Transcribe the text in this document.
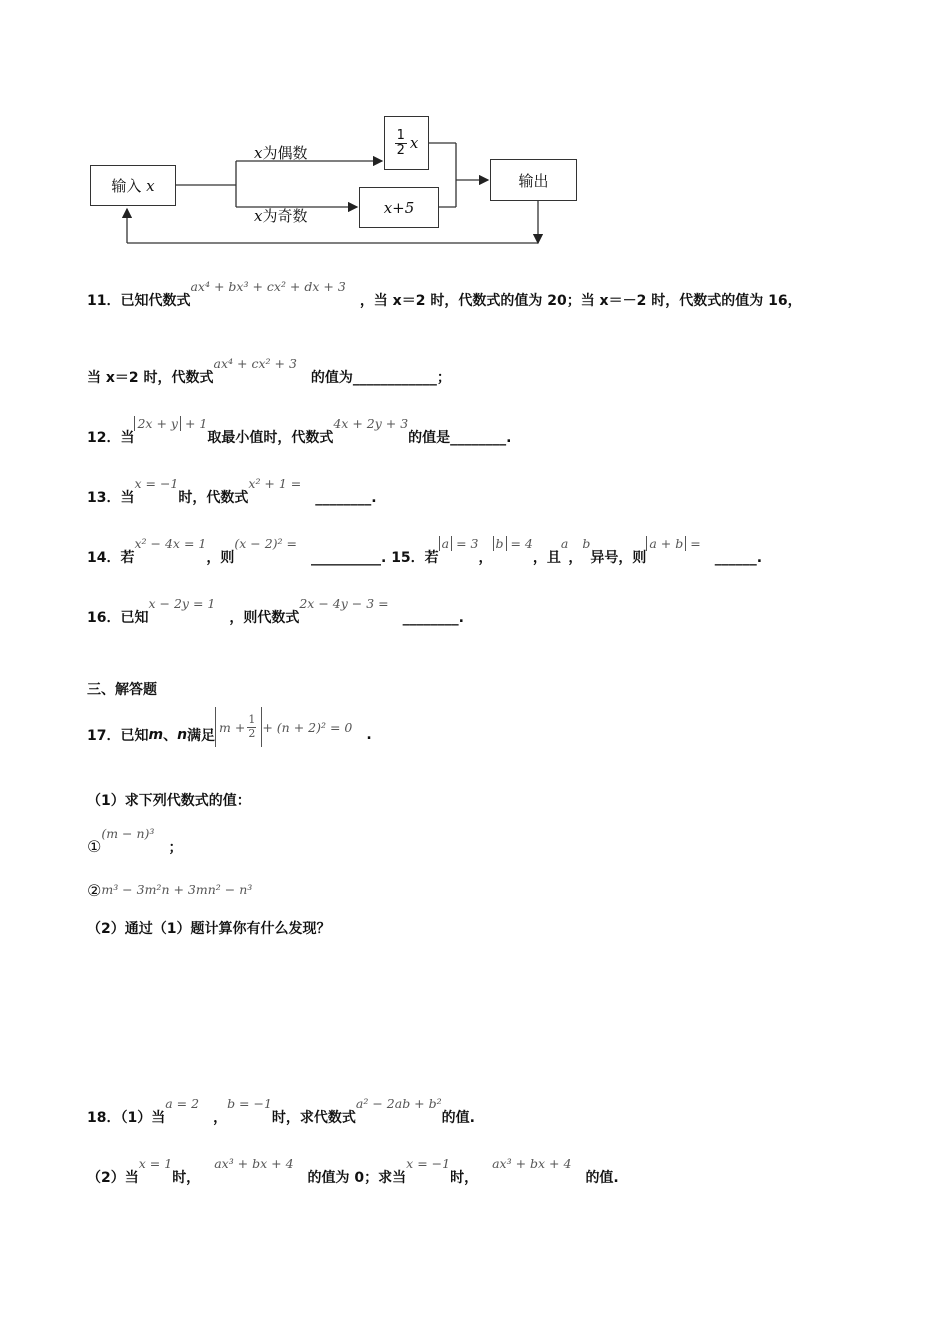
输入
x
x为偶数
x为奇数
$\frac{1}{2}$ x
x+5
输出
11．已知代数式ax⁴ + bx³ + cx² + dx + 3，当 x＝2 时，代数式的值为 20；当 x＝－2 时，代数式的值为 16，
当 x＝2 时，代数式ax⁴ + cx² + 3的值为____________；
12．当2x + y + 1取最小值时，代数式4x + 2y + 3的值是________.
13．当x = −1时，代数式x² + 1 =________.
14．若x² − 4x = 1，则(x − 2)² =__________. 15．若a = 3，b = 4，且a，b异号，则a + b =______.
16．已知x − 2y = 1，则代数式2x − 4y − 3 =________.
三、解答题
17． 已知 m 、 n 满足
$m + \frac{1}{2} + (n + 2)^2 = 0$ .
（1）求下列代数式的值：
①(m − n)³；
②m³ − 3m²n + 3mn² − n³
（2）通过（1）题计算你有什么发现？
18．（1）当a = 2，b = −1时，求代数式a² − 2ab + b²的值.
（2）当x = 1时，ax³ + bx + 4的值为 0；求当x = −1时，ax³ + bx + 4的值.
